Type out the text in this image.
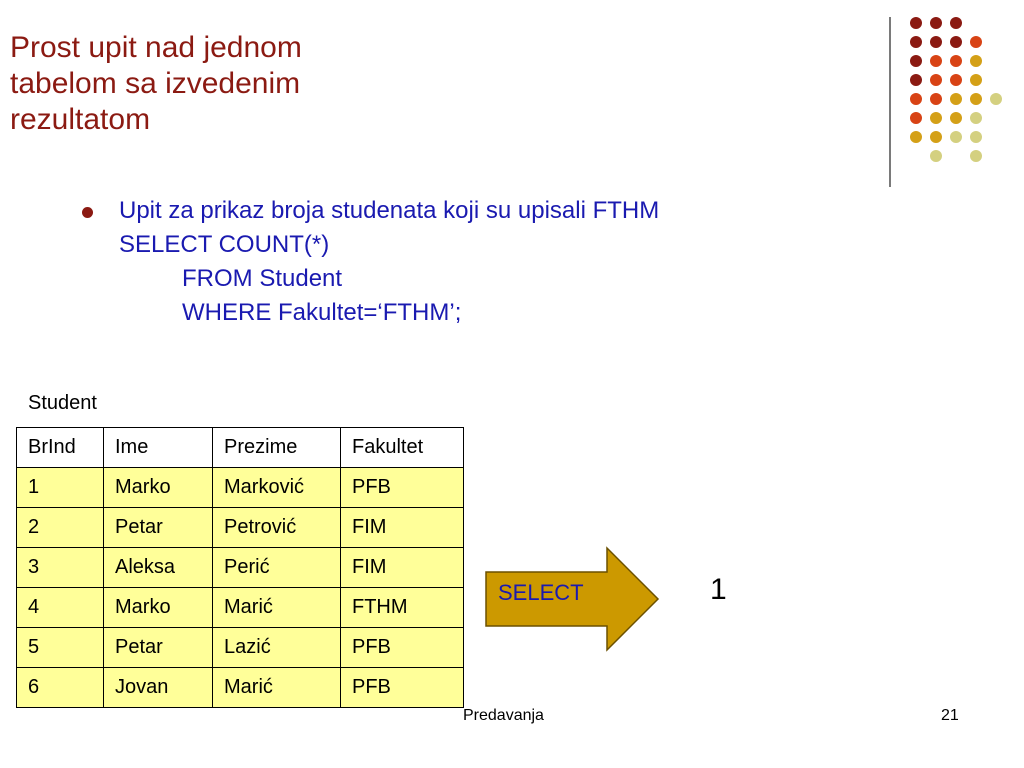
Prost upit nad jednom tabelom sa izvedenim rezultatom
Upit za prikaz broja studenata koji su upisali FTHM
SELECT COUNT(*)
FROM Student
WHERE Fakultet=‘FTHM’;
Student
BrInd	Ime	Prezime	Fakultet
1	Marko	Marković	PFB
2	Petar	Petrović	FIM
3	Aleksa	Perić	FIM
4	Marko	Marić	FTHM
5	Petar	Lazić	PFB
6	Jovan	Marić	PFB
SELECT	1
Predavanja	21
